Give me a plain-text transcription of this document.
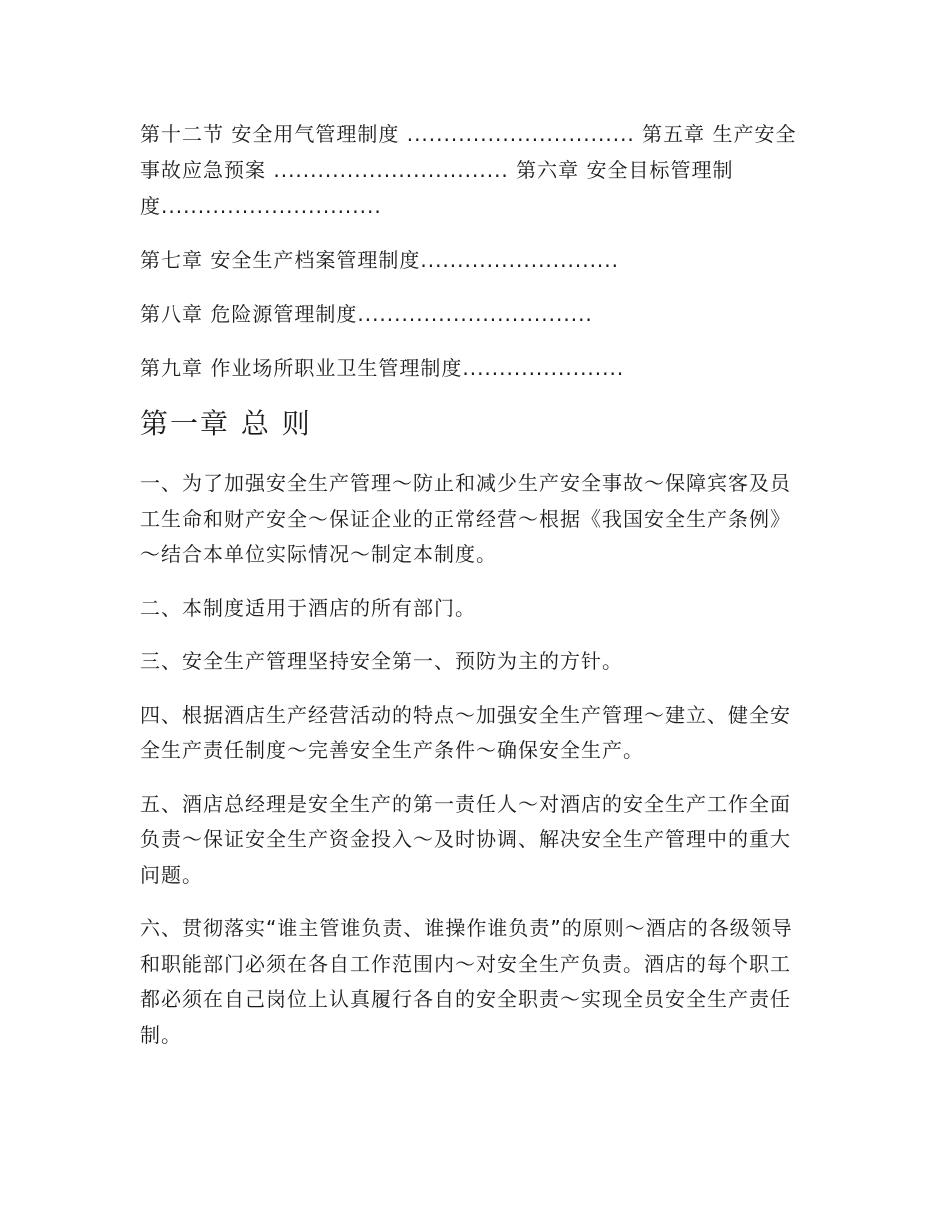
第十二节 安全用气管理制度 ............................... 第五章 生产安全事故应急预案 ................................ 第六章 安全目标管理制度..............................
第七章 安全生产档案管理制度...........................
第八章 危险源管理制度................................
第九章 作业场所职业卫生管理制度......................
第一章 总 则

一、为了加强安全生产管理～防止和减少生产安全事故～保障宾客及员工生命和财产安全～保证企业的正常经营～根据《我国安全生产条例》～结合本单位实际情况～制定本制度。

二、本制度适用于酒店的所有部门。

三、安全生产管理坚持安全第一、预防为主的方针。

四、根据酒店生产经营活动的特点～加强安全生产管理～建立、健全安全生产责任制度～完善安全生产条件～确保安全生产。

五、酒店总经理是安全生产的第一责任人～对酒店的安全生产工作全面负责～保证安全生产资金投入～及时协调、解决安全生产管理中的重大问题。

六、贯彻落实“谁主管谁负责、谁操作谁负责”的原则～酒店的各级领导和职能部门必须在各自工作范围内～对安全生产负责。酒店的每个职工都必须在自己岗位上认真履行各自的安全职责～实现全员安全生产责任制。
